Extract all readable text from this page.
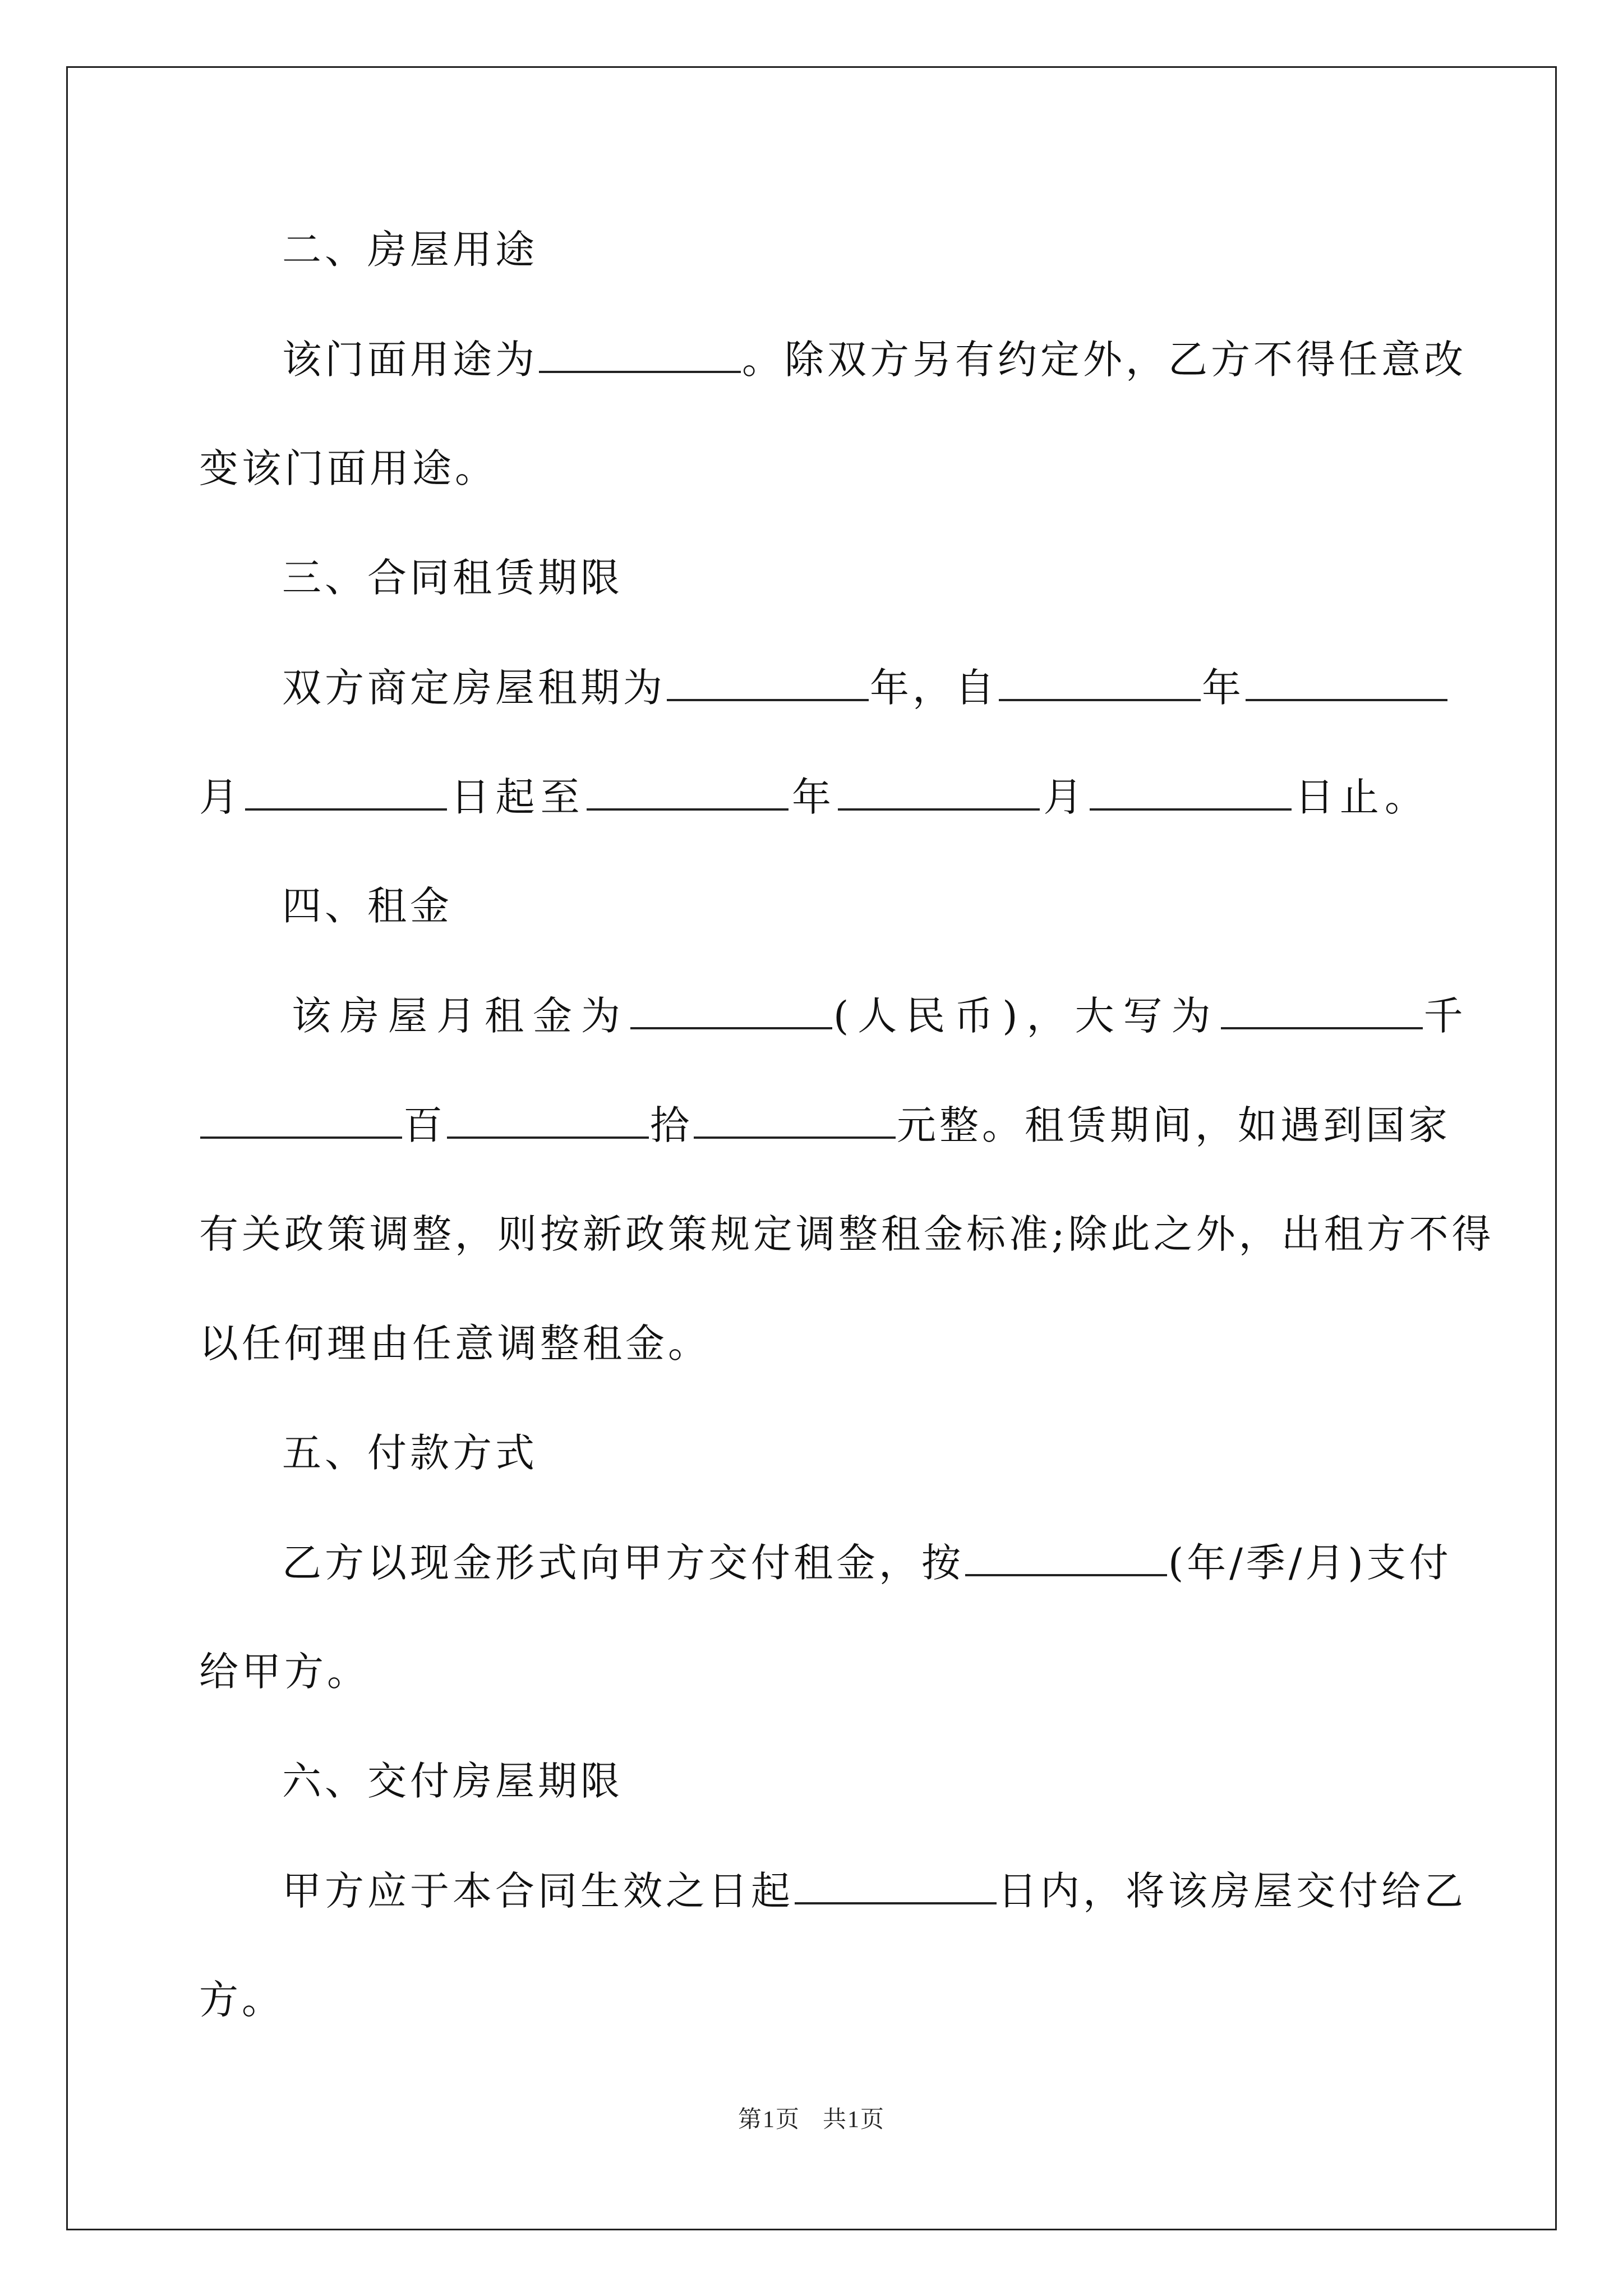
二、房屋用途
该门面用途为	。除双方另有约定外，乙方不得任意改
变该门面用途。
三、合同租赁期限
双方商定房屋租期为	年，自	年
月	日起至	年	月	日止。
四、租金
该房屋月租金为	(人民币)，大写为	千
百	拾	元整。租赁期间，如遇到国家
有关政策调整，则按新政策规定调整租金标准;除此之外，出租方不得
以任何理由任意调整租金。
五、付款方式
乙方以现金形式向甲方交付租金，按	(年/季/月)支付
给甲方。
六、交付房屋期限
甲方应于本合同生效之日起	日内，将该房屋交付给乙
方。
第1页 共1页
